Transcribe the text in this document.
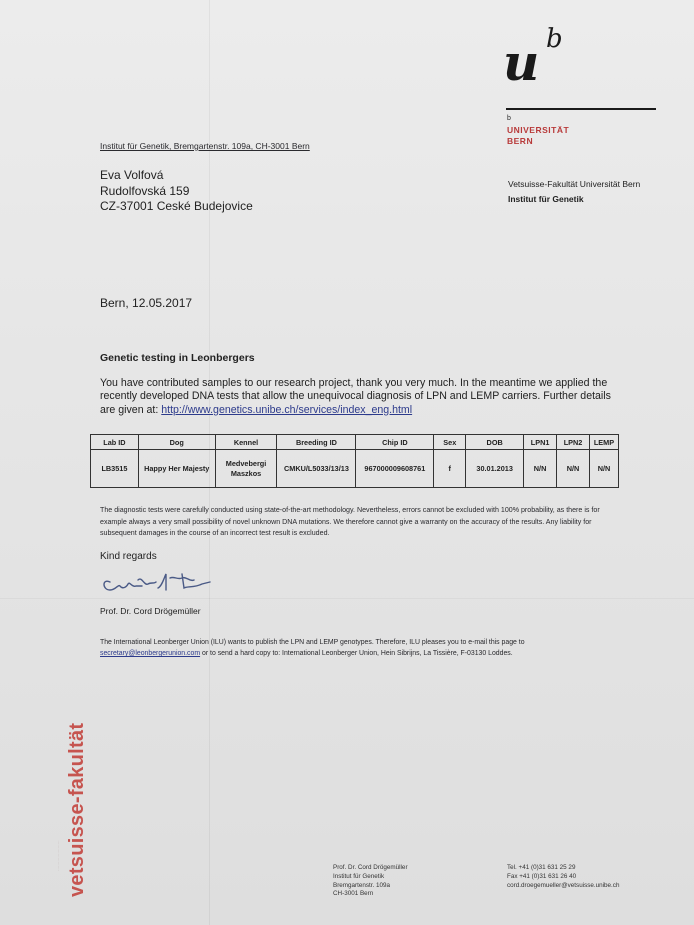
u b
b
UNIVERSITÄT
BERN
Institut für Genetik, Bremgartenstr. 109a, CH-3001 Bern
Eva Volfová
Rudolfovská 159
CZ-37001 Ceské Budejovice
Vetsuisse-Fakultät Universität Bern
Institut für Genetik
Bern, 12.05.2017
Genetic testing in Leonbergers
You have contributed samples to our research project, thank you very much. In the meantime we applied the recently developed DNA tests that allow the unequivocal diagnosis of LPN and LEMP carriers. Further details are given at: http://www.genetics.unibe.ch/services/index_eng.html
Lab ID	Dog	Kennel	Breeding ID	Chip ID	Sex	DOB	LPN1	LPN2	LEMP
LB3515	Happy Her Majesty	Medvebergi Maszkos	CMKU/L5033/13/13	967000009608761	f	30.01.2013	N/N	N/N	N/N
The diagnostic tests were carefully conducted using state-of-the-art methodology. Nevertheless, errors cannot be excluded with 100% probability, as there is for example always a very small possibility of novel unknown DNA mutations. We therefore cannot give a warranty on the accuracy of the results. Any liability for subsequent damages in the course of an incorrect test result is excluded.
Kind regards
Prof. Dr. Cord Drögemüller
The International Leonberger Union (ILU) wants to publish the LPN and LEMP genotypes. Therefore, ILU pleases you to e-mail this page to secretary@leonbergerunion.com or to send a hard copy to: International Leonberger Union, Hein Sibrijns, La Tissière, F-03130 Loddes.
······················· vetsuisse-fakultät	Prof. Dr. Cord Drögemüller
Institut für Genetik
Bremgartenstr. 109a
CH-3001 Bern
Tel. +41 (0)31 631 25 29
Fax +41 (0)31 631 26 40
cord.droegemueller@vetsuisse.unibe.ch
